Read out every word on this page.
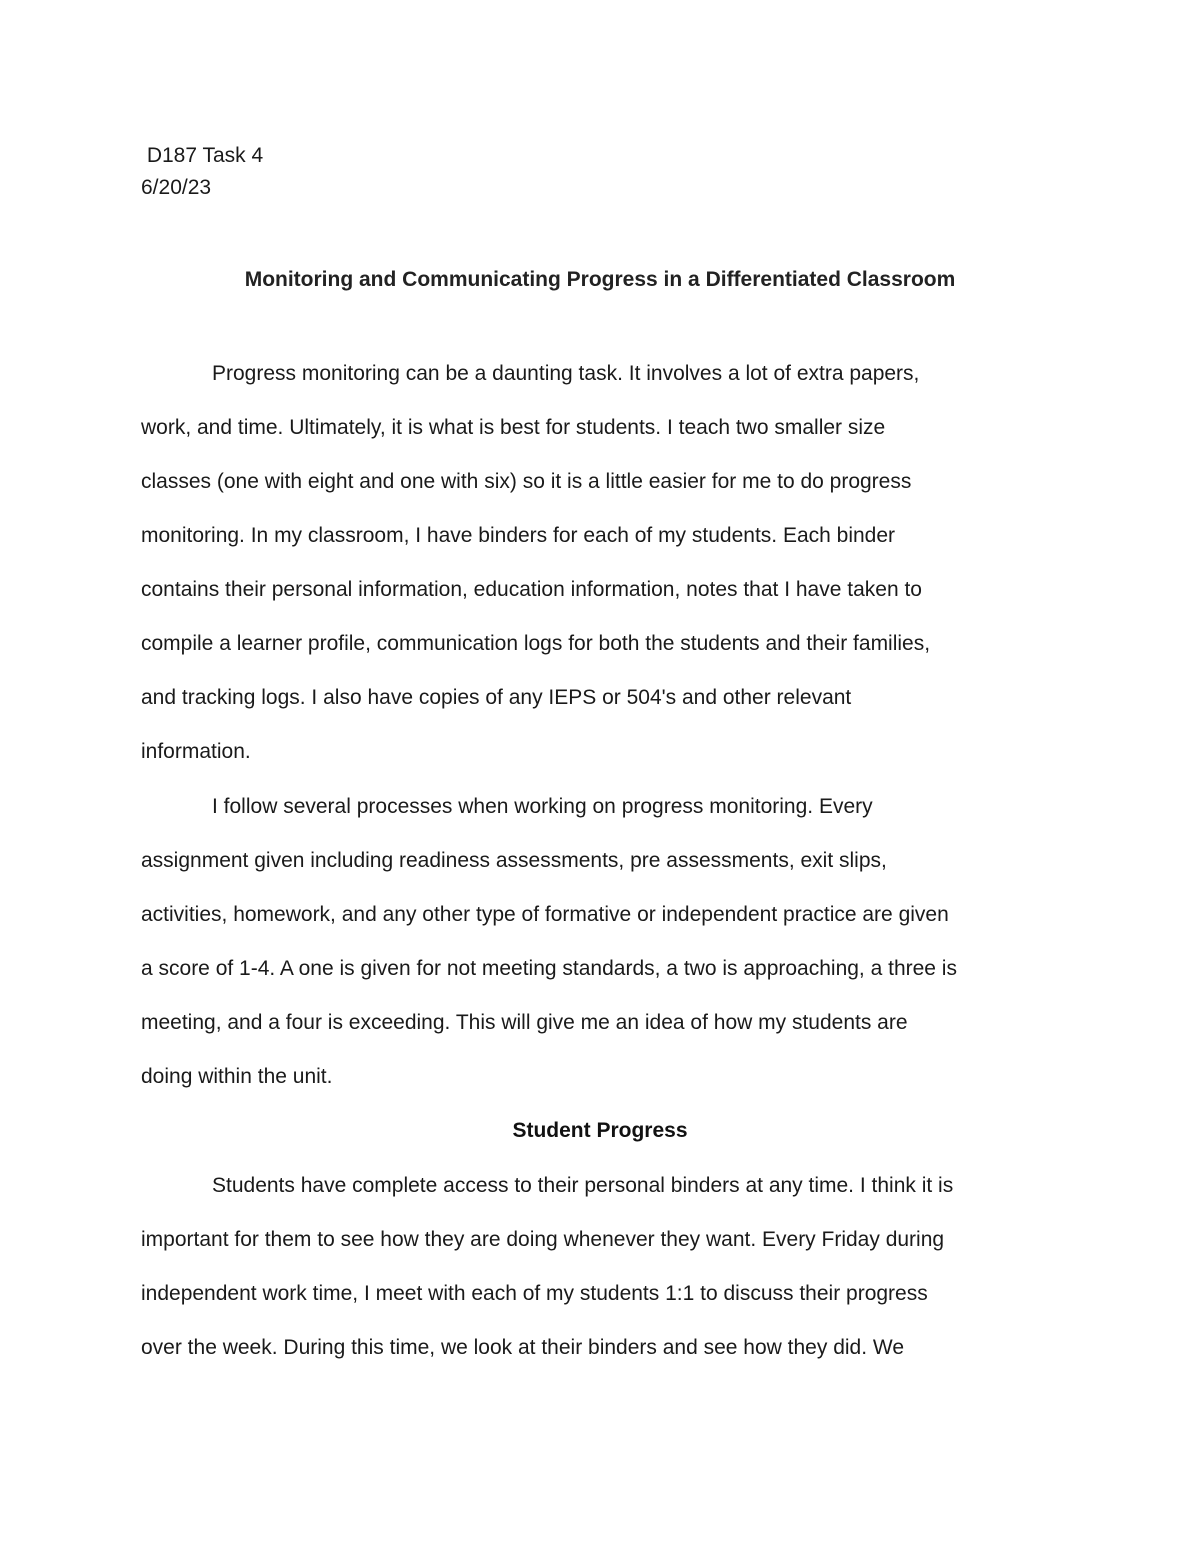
D187 Task 4

6/20/23

Monitoring and Communicating Progress in a Differentiated Classroom

Progress monitoring can be a daunting task. It involves a lot of extra papers,

work, and time. Ultimately, it is what is best for students. I teach two smaller size

classes (one with eight and one with six) so it is a little easier for me to do progress

monitoring. In my classroom, I have binders for each of my students. Each binder

contains their personal information, education information, notes that I have taken to

compile a learner profile, communication logs for both the students and their families,

and tracking logs. I also have copies of any IEPS or 504's and other relevant

information.

I follow several processes when working on progress monitoring. Every

assignment given including readiness assessments, pre assessments, exit slips,

activities, homework, and any other type of formative or independent practice are given

a score of 1-4. A one is given for not meeting standards, a two is approaching, a three is

meeting, and a four is exceeding. This will give me an idea of how my students are

doing within the unit.

Student Progress

Students have complete access to their personal binders at any time. I think it is

important for them to see how they are doing whenever they want. Every Friday during

independent work time, I meet with each of my students 1:1 to discuss their progress

over the week. During this time, we look at their binders and see how they did. We
